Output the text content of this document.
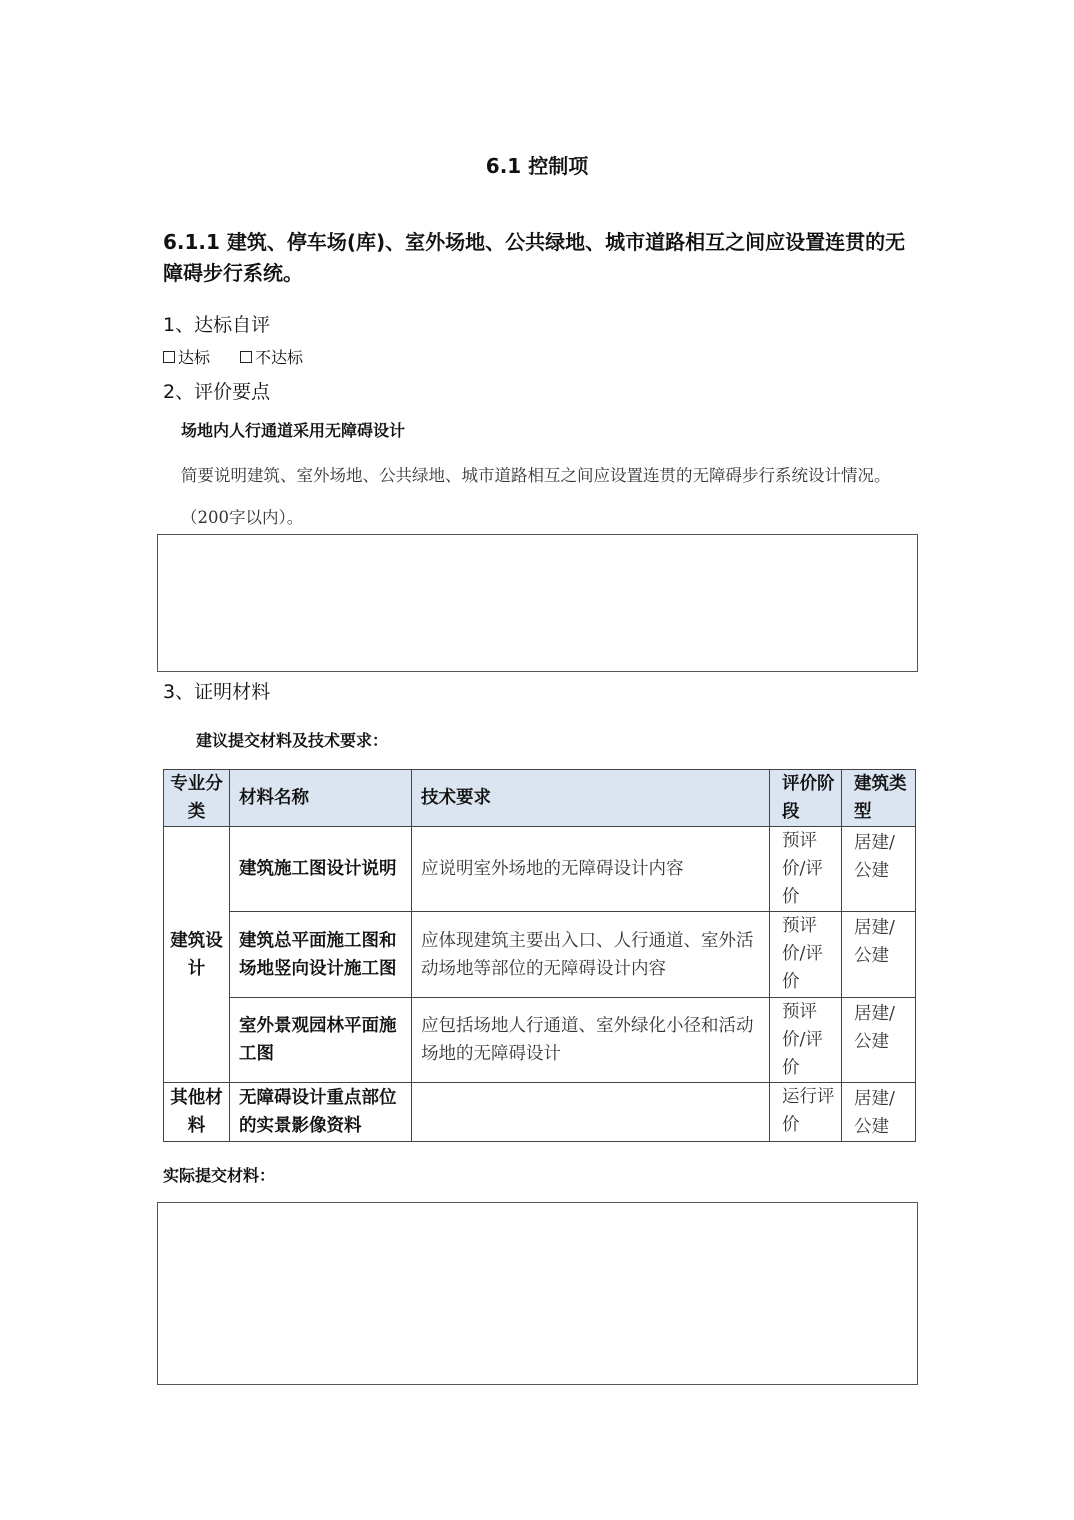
6.1 控制项
6.1.1 建筑、停车场(库)、室外场地、公共绿地、城市道路相互之间应设置连贯的无障碍步行系统。
1、达标自评
达标	不达标
2、评价要点
场地内人行通道采用无障碍设计
简要说明建筑、室外场地、公共绿地、城市道路相互之间应设置连贯的无障碍步行系统设计情况。（200字以内）。
3、证明材料
建议提交材料及技术要求：
专业分类	材料名称	技术要求	评价阶段	建筑类型
建筑设计	建筑施工图设计说明	应说明室外场地的无障碍设计内容	预评价/评价	居建/公建
	建筑总平面施工图和场地竖向设计施工图	应体现建筑主要出入口、人行通道、室外活动场地等部位的无障碍设计内容	预评价/评价	居建/公建
	室外景观园林平面施工图	应包括场地人行通道、室外绿化小径和活动场地的无障碍设计	预评价/评价	居建/公建
其他材料	无障碍设计重点部位的实景影像资料		运行评价	居建/公建
实际提交材料：
